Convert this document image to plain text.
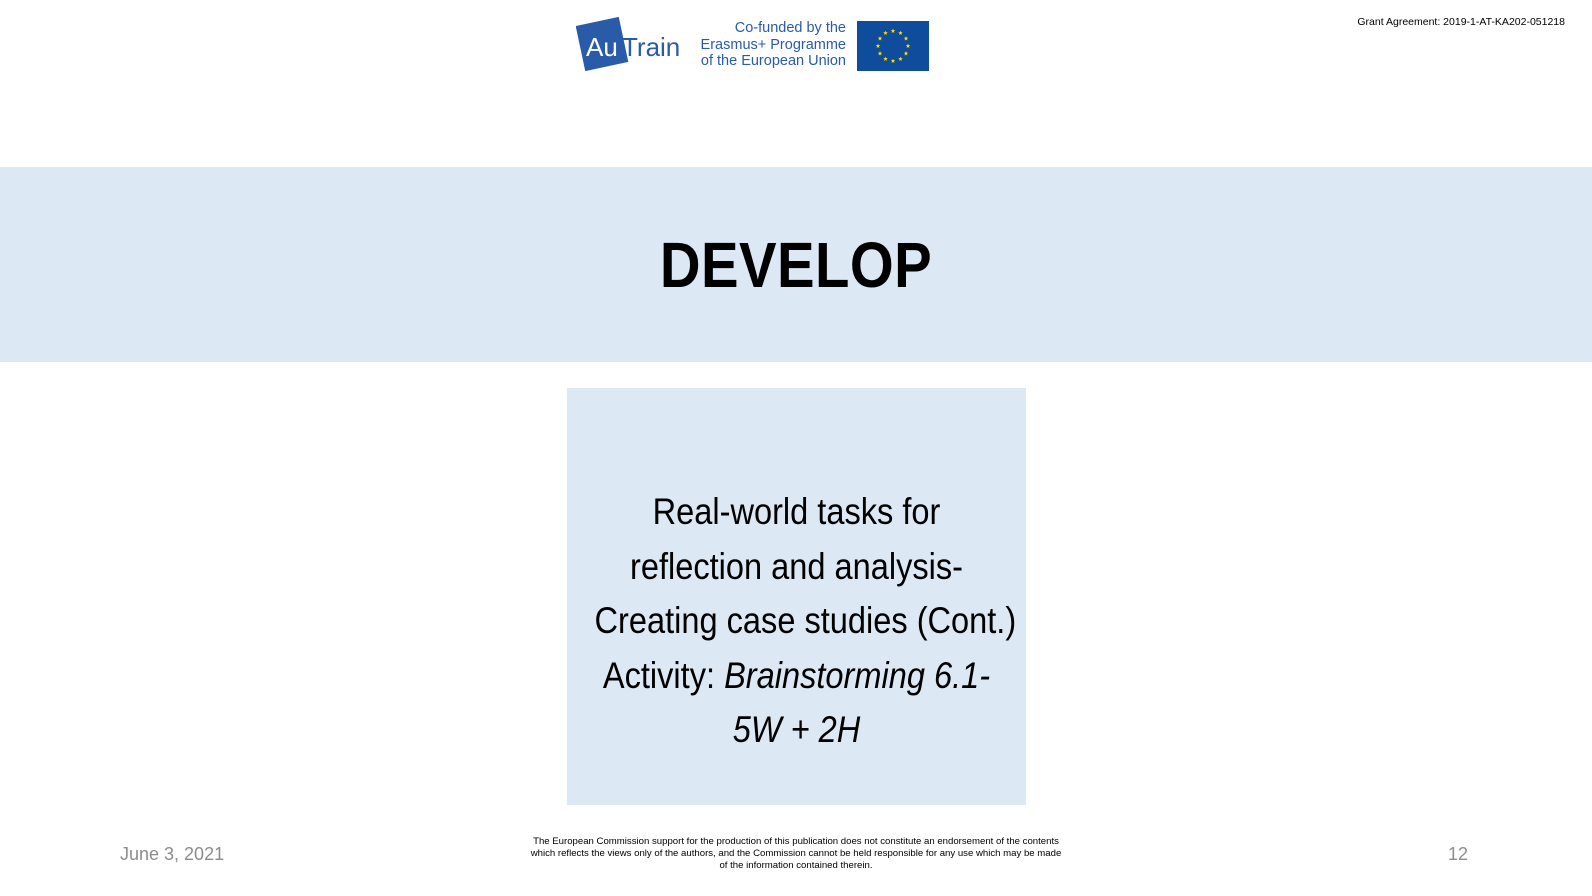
Au Train
Co-funded by the
Erasmus+ Programme
of the European Union
Grant Agreement: 2019-1-AT-KA202-051218
DEVELOP
Real-world tasks for
reflection and analysis-
Creating case studies (Cont.)
Activity: Brainstorming 6.1-
5W + 2H
June 3, 2021
The European Commission support for the production of this publication does not constitute an endorsement of the contents
which reflects the views only of the authors, and the Commission cannot be held responsible for any use which may be made
of the information contained therein.
12
